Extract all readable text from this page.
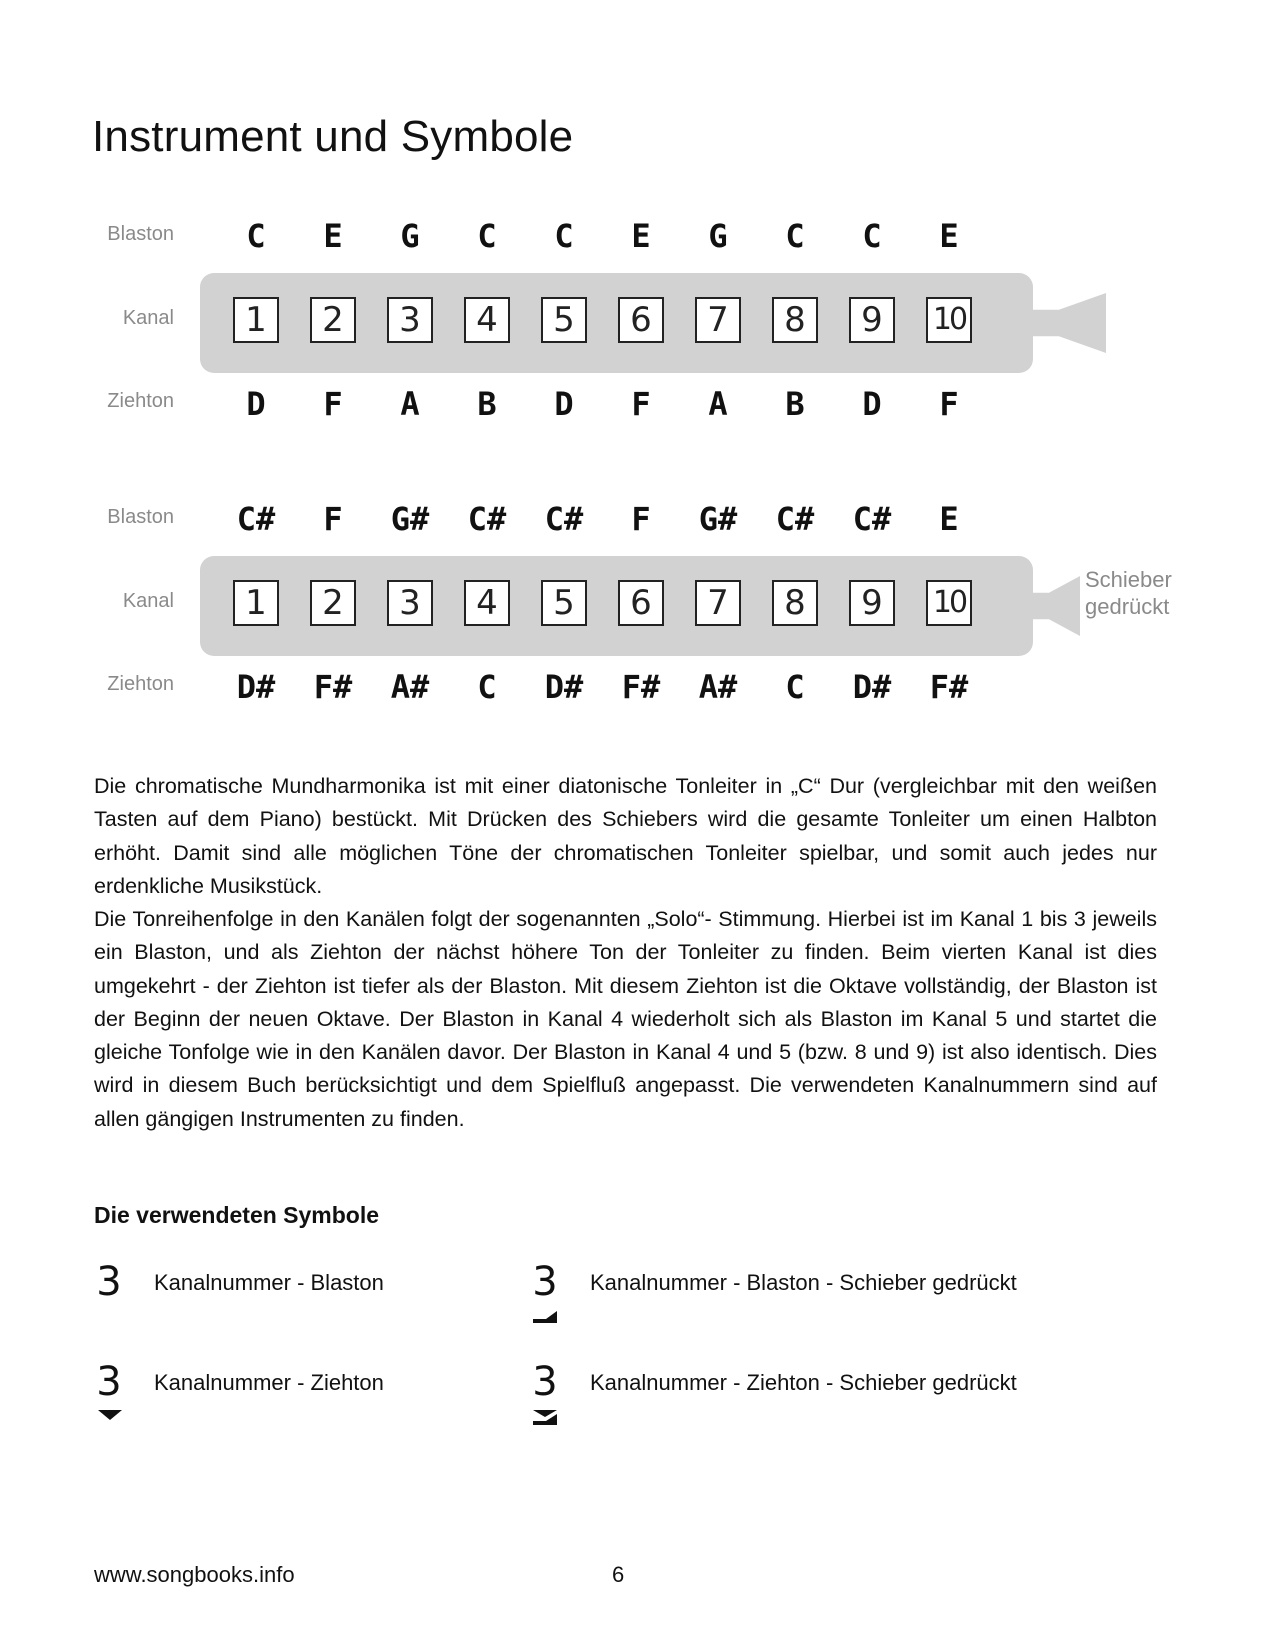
Instrument und Symbole
Blaston
Kanal
Ziehton
C	E	G	C	C	E	G	C	C	E
1	2	3	4	5	6	7	8	9	10
D	F	A	B	D	F	A	B	D	F
Blaston
Kanal
Ziehton
C#	F	G#	C#	C#	F	G#	C#	C#	E
Schieber
gedrückt
1	2	3	4	5	6	7	8	9	10
D#	F#	A#	C	D#	F#	A#	C	D#	F#

Die chromatische Mundharmonika ist mit einer diatonische Tonleiter in „C“ Dur (vergleichbar mit den weißen Tasten auf dem Piano) bestückt. Mit Drücken des Schiebers wird die gesamte Tonleiter um einen Halbton erhöht. Damit sind alle möglichen Töne der chromatischen Tonleiter spielbar, und somit auch jedes nur erdenkliche Musikstück.

Die Tonreihenfolge in den Kanälen folgt der sogenannten „Solo“- Stimmung. Hierbei ist im Kanal 1 bis 3 jeweils ein Blaston, und als Ziehton der nächst höhere Ton der Tonleiter zu finden. Beim vierten Kanal ist dies umgekehrt - der Ziehton ist tiefer als der Blaston. Mit diesem Ziehton ist die Oktave vollständig, der Blaston ist der Beginn der neuen Oktave. Der Blaston in Kanal 4 wiederholt sich als Blaston im Kanal 5 und startet die gleiche Tonfolge wie in den Kanälen davor. Der Blaston in Kanal 4 und 5 (bzw. 8 und 9) ist also identisch. Dies wird in diesem Buch berücksichtigt und dem Spielfluß angepasst. Die verwendeten Kanalnummern sind auf allen gängigen Instrumenten zu finden.

Die verwendeten Symbole
3 Kanalnummer - Blaston	3 Kanalnummer - Blaston - Schieber gedrückt
3 Kanalnummer - Ziehton	3 Kanalnummer - Ziehton - Schieber gedrückt
www.songbooks.info	6
